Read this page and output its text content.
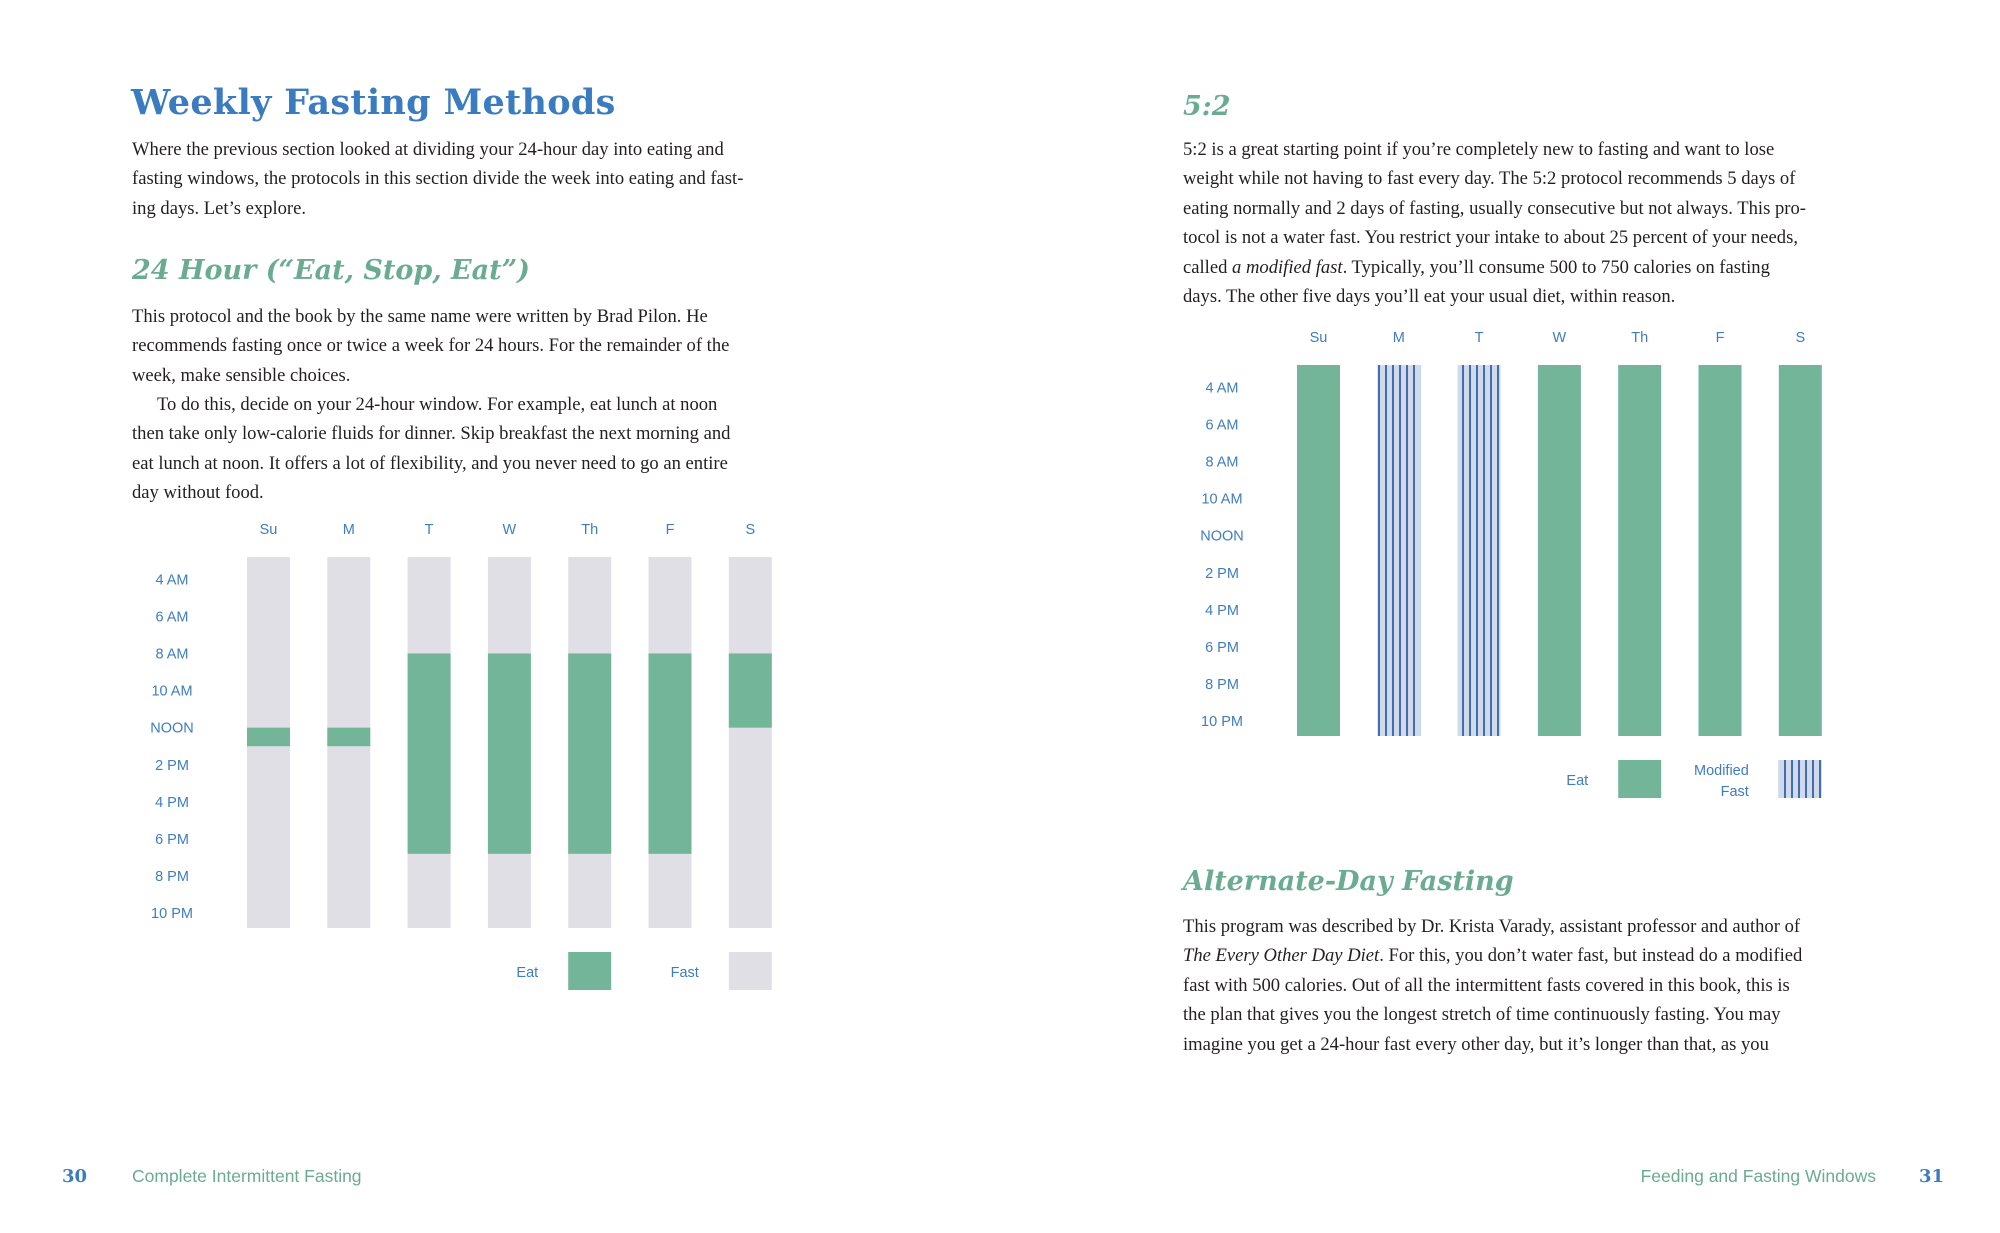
Weekly Fasting Methods

Where the previous section looked at dividing your 24-hour day into eating and
fasting windows, the protocols in this section divide the week into eating and fast-
ing days. Let’s explore.

24 Hour (“Eat, Stop, Eat”)

This protocol and the book by the same name were written by Brad Pilon. He
recommends fasting once or twice a week for 24 hours. For the remainder of the
week, make sensible choices.

To do this, decide on your 24-hour window. For example, eat lunch at noon
then take only low-calorie fluids for dinner. Skip breakfast the next morning and
eat lunch at noon. It offers a lot of flexibility, and you never need to go an entire
day without food.

Su	M	T	W	Th	F	S
4 AM
6 AM
8 AM
10 AM
NOON
2 PM
4 PM
6 PM
8 PM
10 PM
Eat	Fast
30	Complete Intermittent Fasting
5:2

5:2 is a great starting point if you’re completely new to fasting and want to lose
weight while not having to fast every day. The 5:2 protocol recommends 5 days of
eating normally and 2 days of fasting, usually consecutive but not always. This pro-
tocol is not a water fast. You restrict your intake to about 25 percent of your needs,
called a modified fast. Typically, you’ll consume 500 to 750 calories on fasting
days. The other five days you’ll eat your usual diet, within reason.

Su	M	T	W	Th	F	S
4 AM
6 AM
8 AM
10 AM
NOON
2 PM
4 PM
6 PM
8 PM
10 PM
Eat
Modified
Fast
Alternate-Day Fasting

This program was described by Dr. Krista Varady, assistant professor and author of
The Every Other Day Diet. For this, you don’t water fast, but instead do a modified
fast with 500 calories. Out of all the intermittent fasts covered in this book, this is
the plan that gives you the longest stretch of time continuously fasting. You may
imagine you get a 24-hour fast every other day, but it’s longer than that, as you

Feeding and Fasting Windows 31
